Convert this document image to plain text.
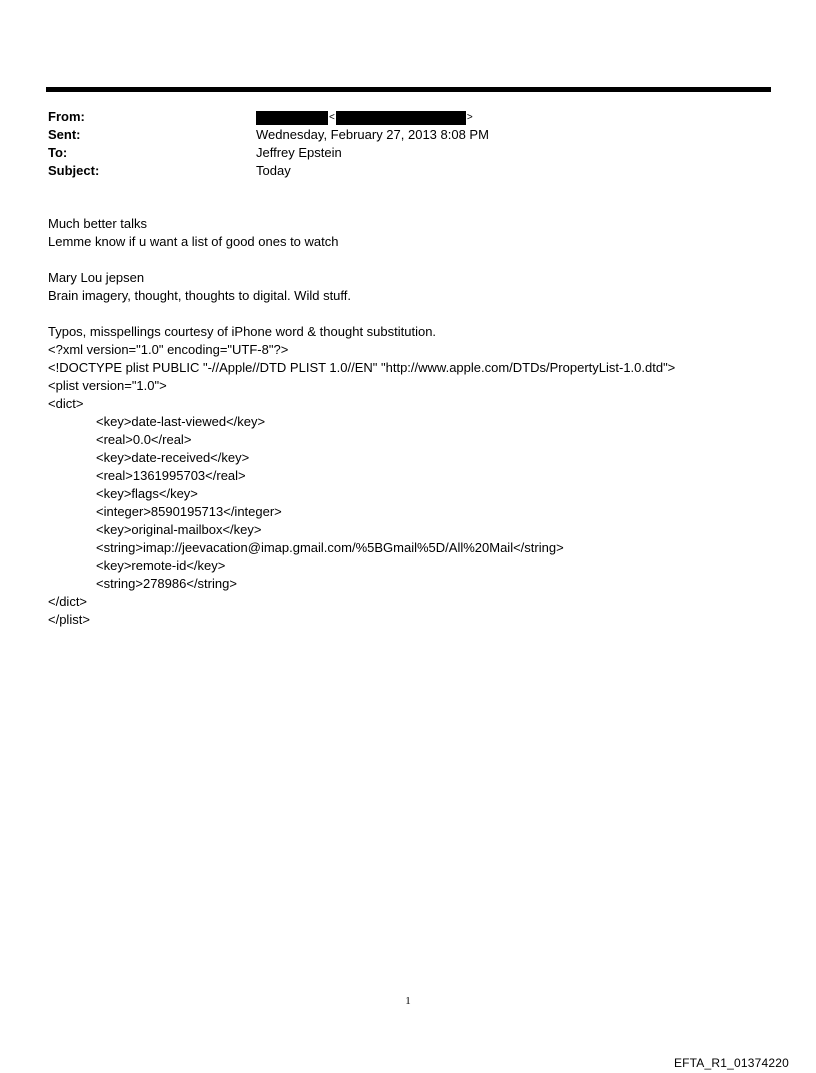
From:	<	>
Sent:	Wednesday, February 27, 2013 8:08 PM
To:	Jeffrey Epstein
Subject:	Today
Much better talks
Lemme know if u want a list of good ones to watch
Mary Lou jepsen
Brain imagery, thought, thoughts to digital. Wild stuff.
Typos, misspellings courtesy of iPhone word & thought substitution.
<?xml version="1.0" encoding="UTF-8"?>
<!DOCTYPE plist PUBLIC "-//Apple//DTD PLIST 1.0//EN" "http://www.apple.com/DTDs/PropertyList-1.0.dtd">
<plist version="1.0">
<dict>
<key>date-last-viewed</key>
<real>0.0</real>
<key>date-received</key>
<real>1361995703</real>
<key>flags</key>
<integer>8590195713</integer>
<key>original-mailbox</key>
<string>imap://jeevacation@imap.gmail.com/%5BGmail%5D/All%20Mail</string>
<key>remote-id</key>
<string>278986</string>
</dict>
</plist>
1
EFTA_R1_01374220
